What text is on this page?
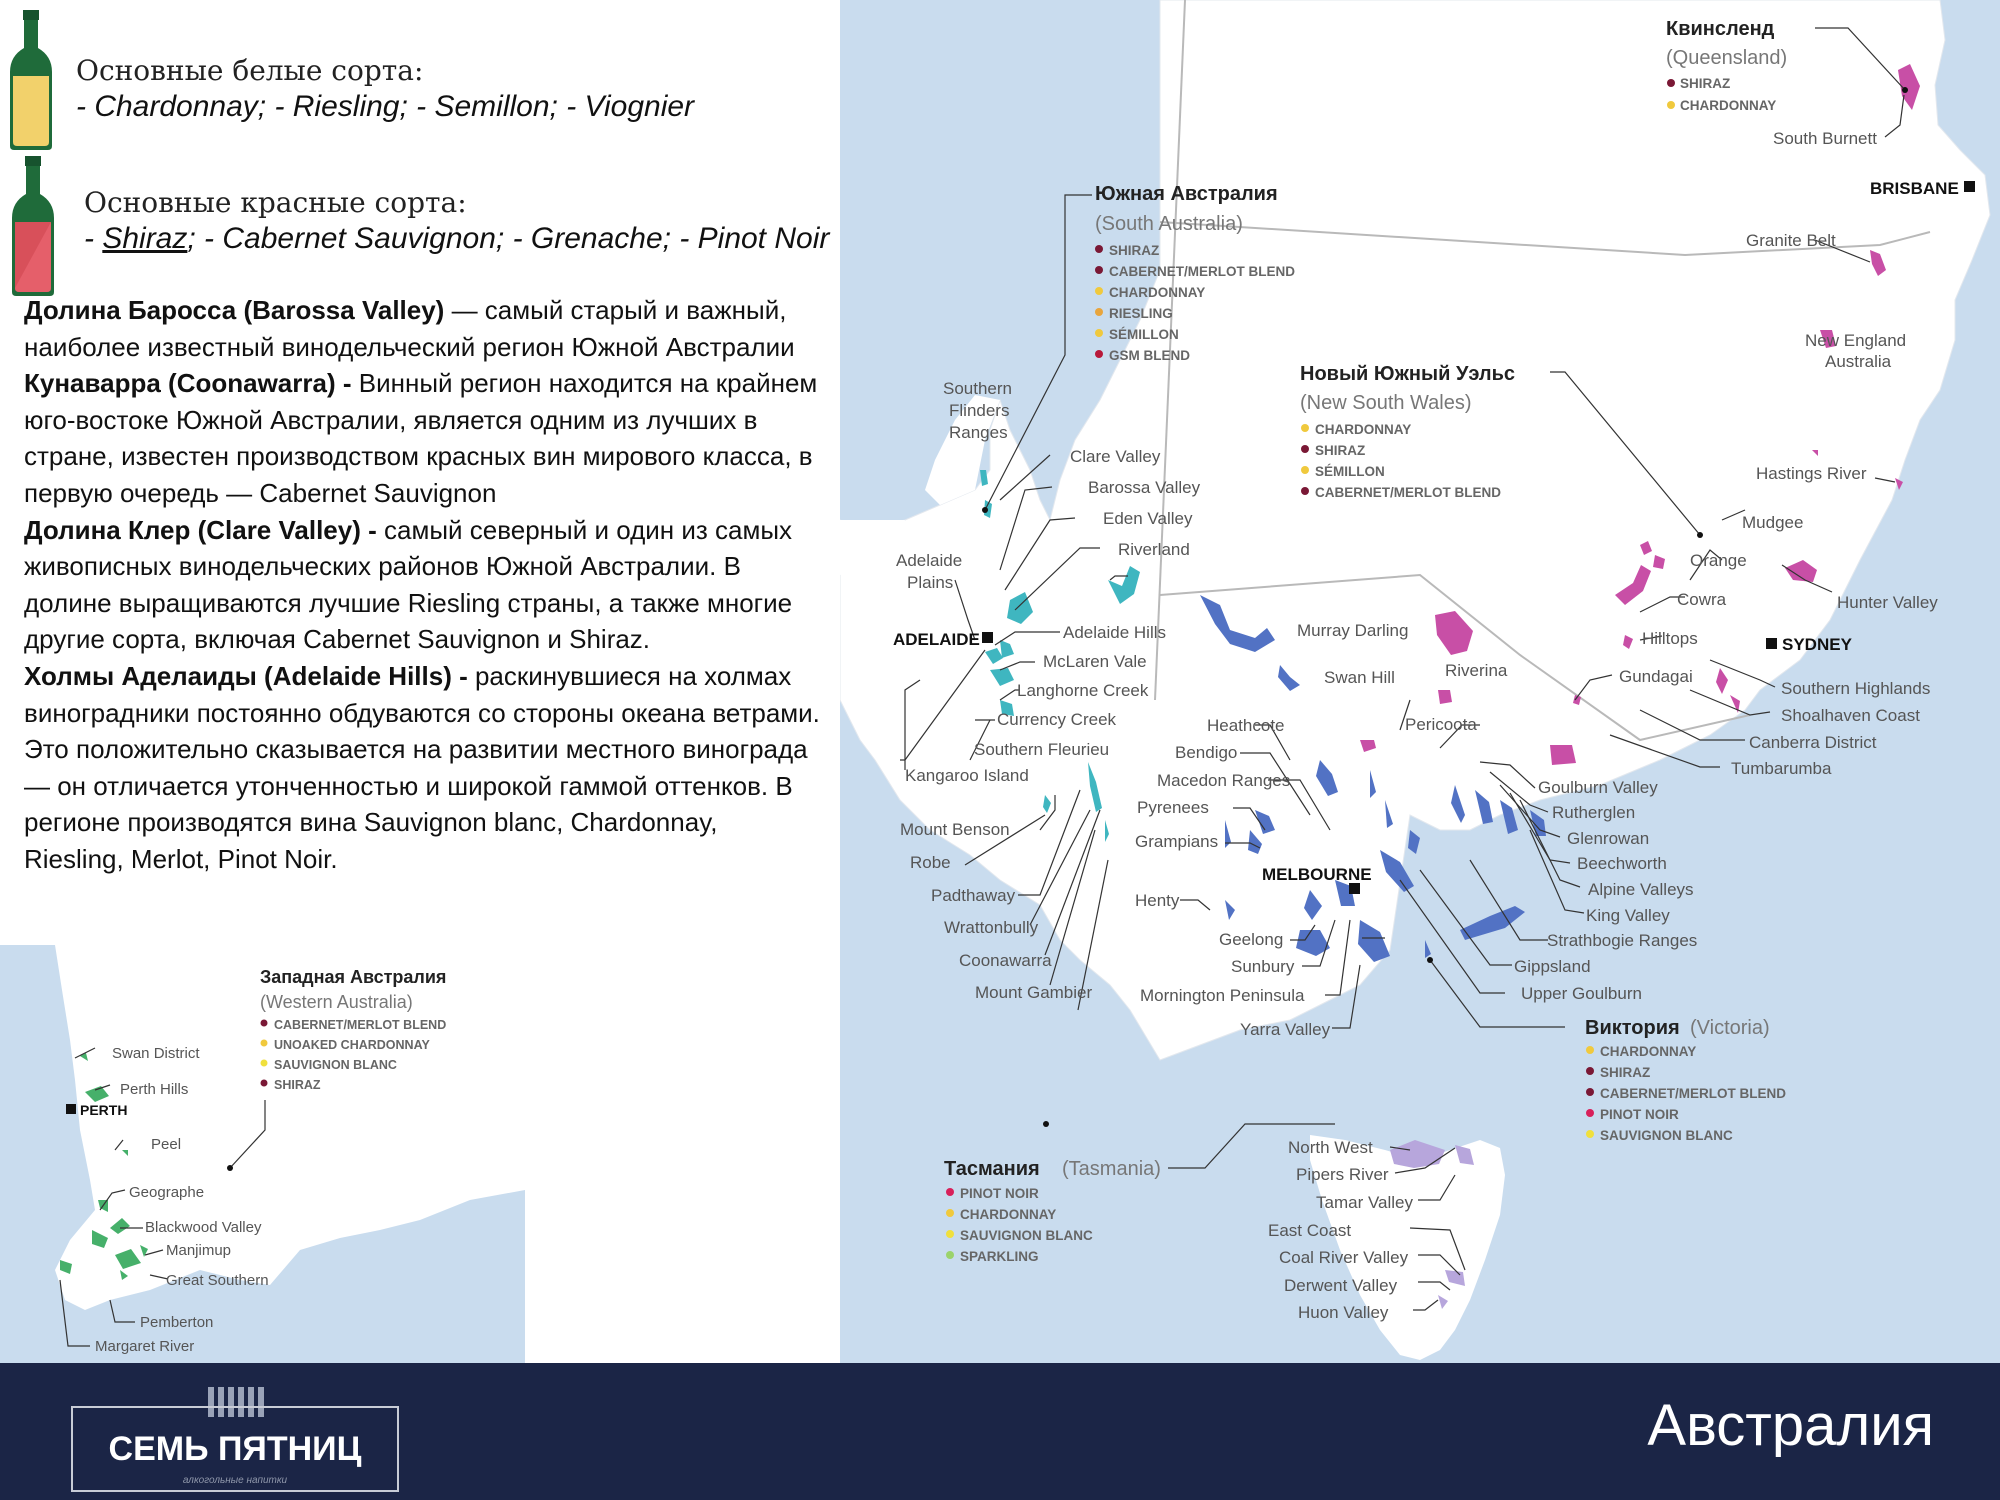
Квинсленд
(Queensland)
SHIRAZ
CHARDONNAY
Южная Австралия
(South Australia)
SHIRAZ
CABERNET/MERLOT BLEND
CHARDONNAY
RIESLING
SÉMILLON
GSM BLEND
Новый Южный Уэльс
(New South Wales)
CHARDONNAY
SHIRAZ
SÉMILLON
CABERNET/MERLOT BLEND
Виктория (Victoria)
CHARDONNAY
SHIRAZ
CABERNET/MERLOT BLEND
PINOT NOIR
SAUVIGNON BLANC
Тасмания (Tasmania)
PINOT NOIR
CHARDONNAY
SAUVIGNON BLANC
SPARKLING
Западная Австралия
(Western Australia)
CABERNET/MERLOT BLEND
UNOAKED CHARDONNAY
SAUVIGNON BLANC
SHIRAZ
BRISBANE
SYDNEY
MELBOURNE
ADELAIDE
PERTH
South Burnett
Granite Belt
New England
Australia
Hastings River
Mudgee
Orange
Hunter Valley
Cowra
Hilltops
Gundagai
Riverina
Murray Darling
Swan Hill
Pericoota
Southern Highlands
Shoalhaven Coast
Canberra District
Tumbarumba
Goulburn Valley
Rutherglen
Glenrowan
Beechworth
Alpine Valleys
King Valley
Strathbogie Ranges
Gippsland
Upper Goulburn
Heathcote
Bendigo
Macedon Ranges
Pyrenees
Grampians
Henty
Geelong
Sunbury
Mornington Peninsula
Yarra Valley
Southern
Flinders
Ranges
Clare Valley
Barossa Valley
Eden Valley
Riverland
Adelaide
Plains
Adelaide Hills
McLaren Vale
Langhorne Creek
Currency Creek
Southern Fleurieu
Kangaroo Island
Mount Benson
Robe
Padthaway
Wrattonbully
Coonawarra
Mount Gambier
North West
Pipers River
Tamar Valley
East Coast
Coal River Valley
Derwent Valley
Huon Valley
Swan District
Perth Hills
Peel
Geographe
Blackwood Valley
Manjimup
Great Southern
Pemberton
Margaret River
Основные белые сорта:
- Chardonnay; - Riesling; - Semillon; - Viognier
Основные красные сорта:
- Shiraz; - Cabernet Sauvignon; - Grenache; - Pinot Noir
Долина Баросса (Barossa Valley) — самый старый и важный, наиболее известный винодельческий регион Южной Австралии
Кунаварра (Coonawarra) - Винный регион находится на крайнем юго-востоке Южной Австралии, является одним из лучших в стране, известен производством красных вин мирового класса, в первую очередь — Cabernet Sauvignon
Долина Клер (Clare Valley) - самый северный и один из самых живописных винодельческих районов Южной Австралии. В долине выращиваются лучшие Riesling страны, а также многие другие сорта, включая Cabernet Sauvignon и Shiraz.
Холмы Аделаиды (Adelaide Hills) - раскинувшиеся на холмах виноградники постоянно обдуваются со стороны океана ветрами. Это положительно сказывается на развитии местного винограда — он отличается утонченностью и широкой гаммой оттенков. В регионе производятся вина Sauvignon blanc, Chardonnay, Riesling, Merlot, Pinot Noir.
СЕМЬ ПЯТНИЦ
алкогольные напитки
Австралия
